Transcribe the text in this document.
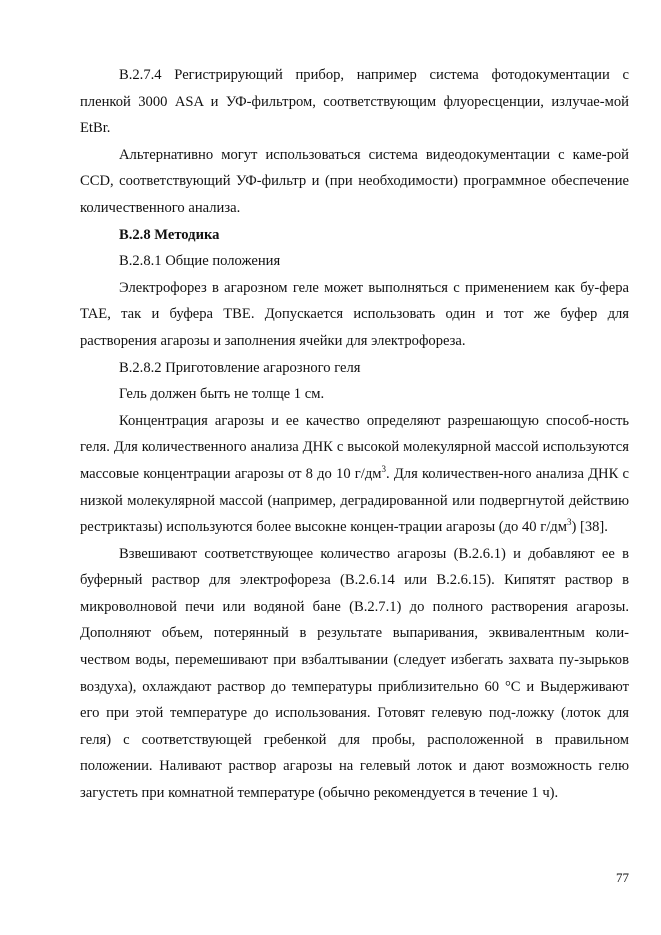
В.2.7.4 Регистрирующий прибор, например система фотодокументации с пленкой 3000 ASA и УФ-фильтром, соответствующим флуоресценции, излучае-мой EtBr.

Альтернативно могут использоваться система видеодокументации с каме-рой CCD, соответствующий УФ-фильтр и (при необходимости) программное обеспечение количественного анализа.

В.2.8 Методика

В.2.8.1 Общие положения

Электрофорез в агарозном геле может выполняться с применением как бу-фера TAE, так и буфера TBE. Допускается использовать один и тот же буфер для растворения агарозы и заполнения ячейки для электрофореза.

В.2.8.2 Приготовление агарозного геля

Гель должен быть не толще 1 см.

Концентрация агарозы и ее качество определяют разрешающую способ-ность геля. Для количественного анализа ДНК с высокой молекулярной массой используются массовые концентрации агарозы от 8 до 10 $г/дм^3$. Для количествен-ного анализа ДНК с низкой молекулярной массой (например, деградированной или подвергнутой действию рестриктазы) используются более высокне концен-трации агарозы (до 40 $г/дм^3$) [38].

Взвешивают соответствующее количество агарозы (В.2.6.1) и добавляют ее в буферный раствор для электрофореза (В.2.6.14 или В.2.6.15). Кипятят раствор в микроволновой печи или водяной бане (В.2.7.1) до полного растворения агарозы. Дополняют объем, потерянный в результате выпаривания, эквивалентным коли-чеством воды, перемешивают при взбалтывании (следует избегать захвата пу-зырьков воздуха), охлаждают раствор до температуры приблизительно 60 °С и Выдерживают его при этой температуре до использования. Готовят гелевую под-ложку (лоток для геля) с соответствующей гребенкой для пробы, расположенной в правильном положении. Наливают раствор агарозы на гелевый лоток и дают возможность гелю загустеть при комнатной температуре (обычно рекомендуется в течение 1 ч).

77
